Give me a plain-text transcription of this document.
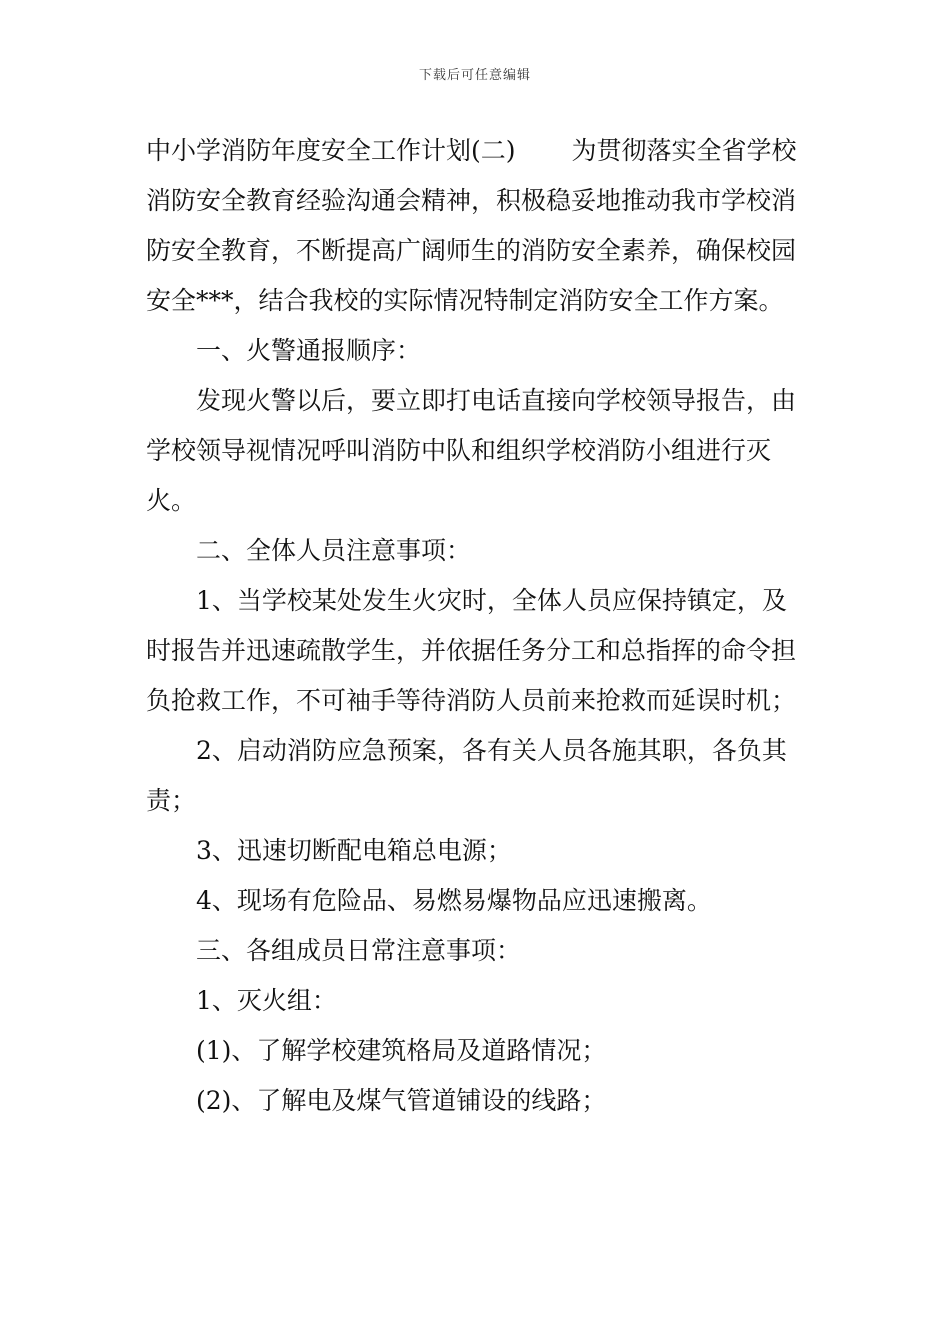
下载后可任意编辑

中小学消防年度安全工作计划(二) 为贯彻落实全省学校消防安全教育经验沟通会精神，积极稳妥地推动我市学校消防安全教育，不断提高广阔师生的消防安全素养，确保校园安全***，结合我校的实际情况特制定消防安全工作方案。

一、火警通报顺序：

发现火警以后，要立即打电话直接向学校领导报告，由学校领导视情况呼叫消防中队和组织学校消防小组进行灭火。

二、全体人员注意事项：

1、当学校某处发生火灾时，全体人员应保持镇定，及时报告并迅速疏散学生，并依据任务分工和总指挥的命令担负抢救工作，不可袖手等待消防人员前来抢救而延误时机；

2、启动消防应急预案，各有关人员各施其职，各负其责；

3、迅速切断配电箱总电源；

4、现场有危险品、易燃易爆物品应迅速搬离。

三、各组成员日常注意事项：

1、灭火组：

(1)、了解学校建筑格局及道路情况；

(2)、了解电及煤气管道铺设的线路；
